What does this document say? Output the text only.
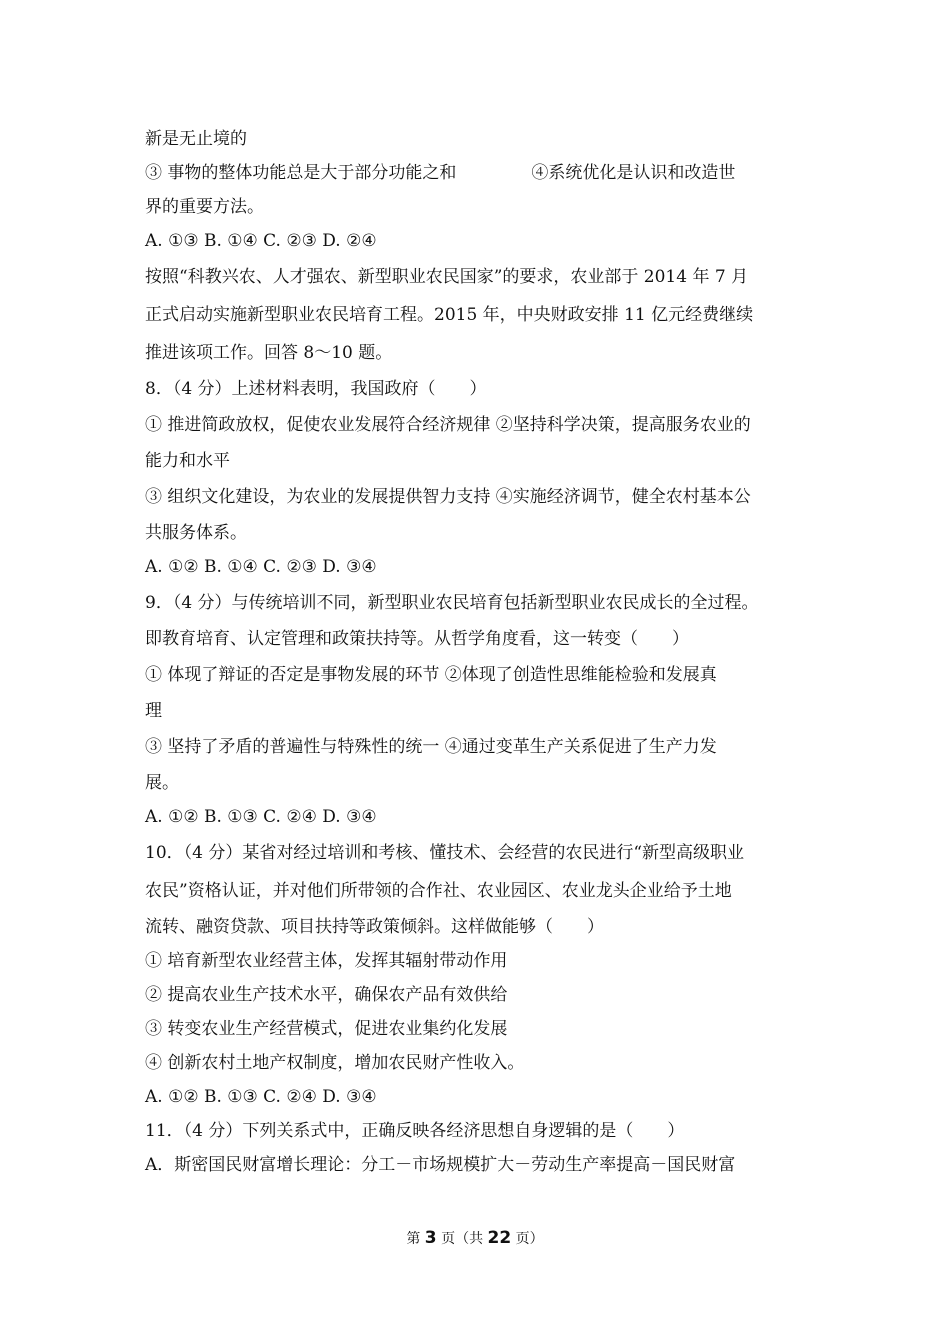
新是无止境的
③ 事物的整体功能总是大于部分功能之和	④系统优化是认识和改造世
界的重要方法。
A. ①③ B. ①④ C. ②③ D. ②④
按照“科教兴农、人才强农、新型职业农民国家”的要求，农业部于 2014 年 7 月
正式启动实施新型职业农民培育工程。2015 年，中央财政安排 11 亿元经费继续
推进该项工作。回答 8～10 题。
8．（4 分）上述材料表明，我国政府（　　）
① 推进简政放权，促使农业发展符合经济规律 ②坚持科学决策，提高服务农业的
能力和水平
③ 组织文化建设，为农业的发展提供智力支持 ④实施经济调节，健全农村基本公
共服务体系。
A. ①② B. ①④ C. ②③ D. ③④
9．（4 分）与传统培训不同，新型职业农民培育包括新型职业农民成长的全过程。
即教育培育、认定管理和政策扶持等。从哲学角度看，这一转变（　　）
① 体现了辩证的否定是事物发展的环节 ②体现了创造性思维能检验和发展真
理
③ 坚持了矛盾的普遍性与特殊性的统一 ④通过变革生产关系促进了生产力发
展。
A. ①② B. ①③ C. ②④ D. ③④
10．（4 分）某省对经过培训和考核、懂技术、会经营的农民进行“新型高级职业
农民”资格认证，并对他们所带领的合作社、农业园区、农业龙头企业给予土地
流转、融资贷款、项目扶持等政策倾斜。这样做能够（　　）
① 培育新型农业经营主体，发挥其辐射带动作用
② 提高农业生产技术水平，确保农产品有效供给
③ 转变农业生产经营模式，促进农业集约化发展
④ 创新农村土地产权制度，增加农民财产性收入。
A. ①② B. ①③ C. ②④ D. ③④
11．（4 分）下列关系式中，正确反映各经济思想自身逻辑的是（　　）
A．斯密国民财富增长理论：分工－市场规模扩大－劳动生产率提高－国民财富
第 3 页（共 22 页）
